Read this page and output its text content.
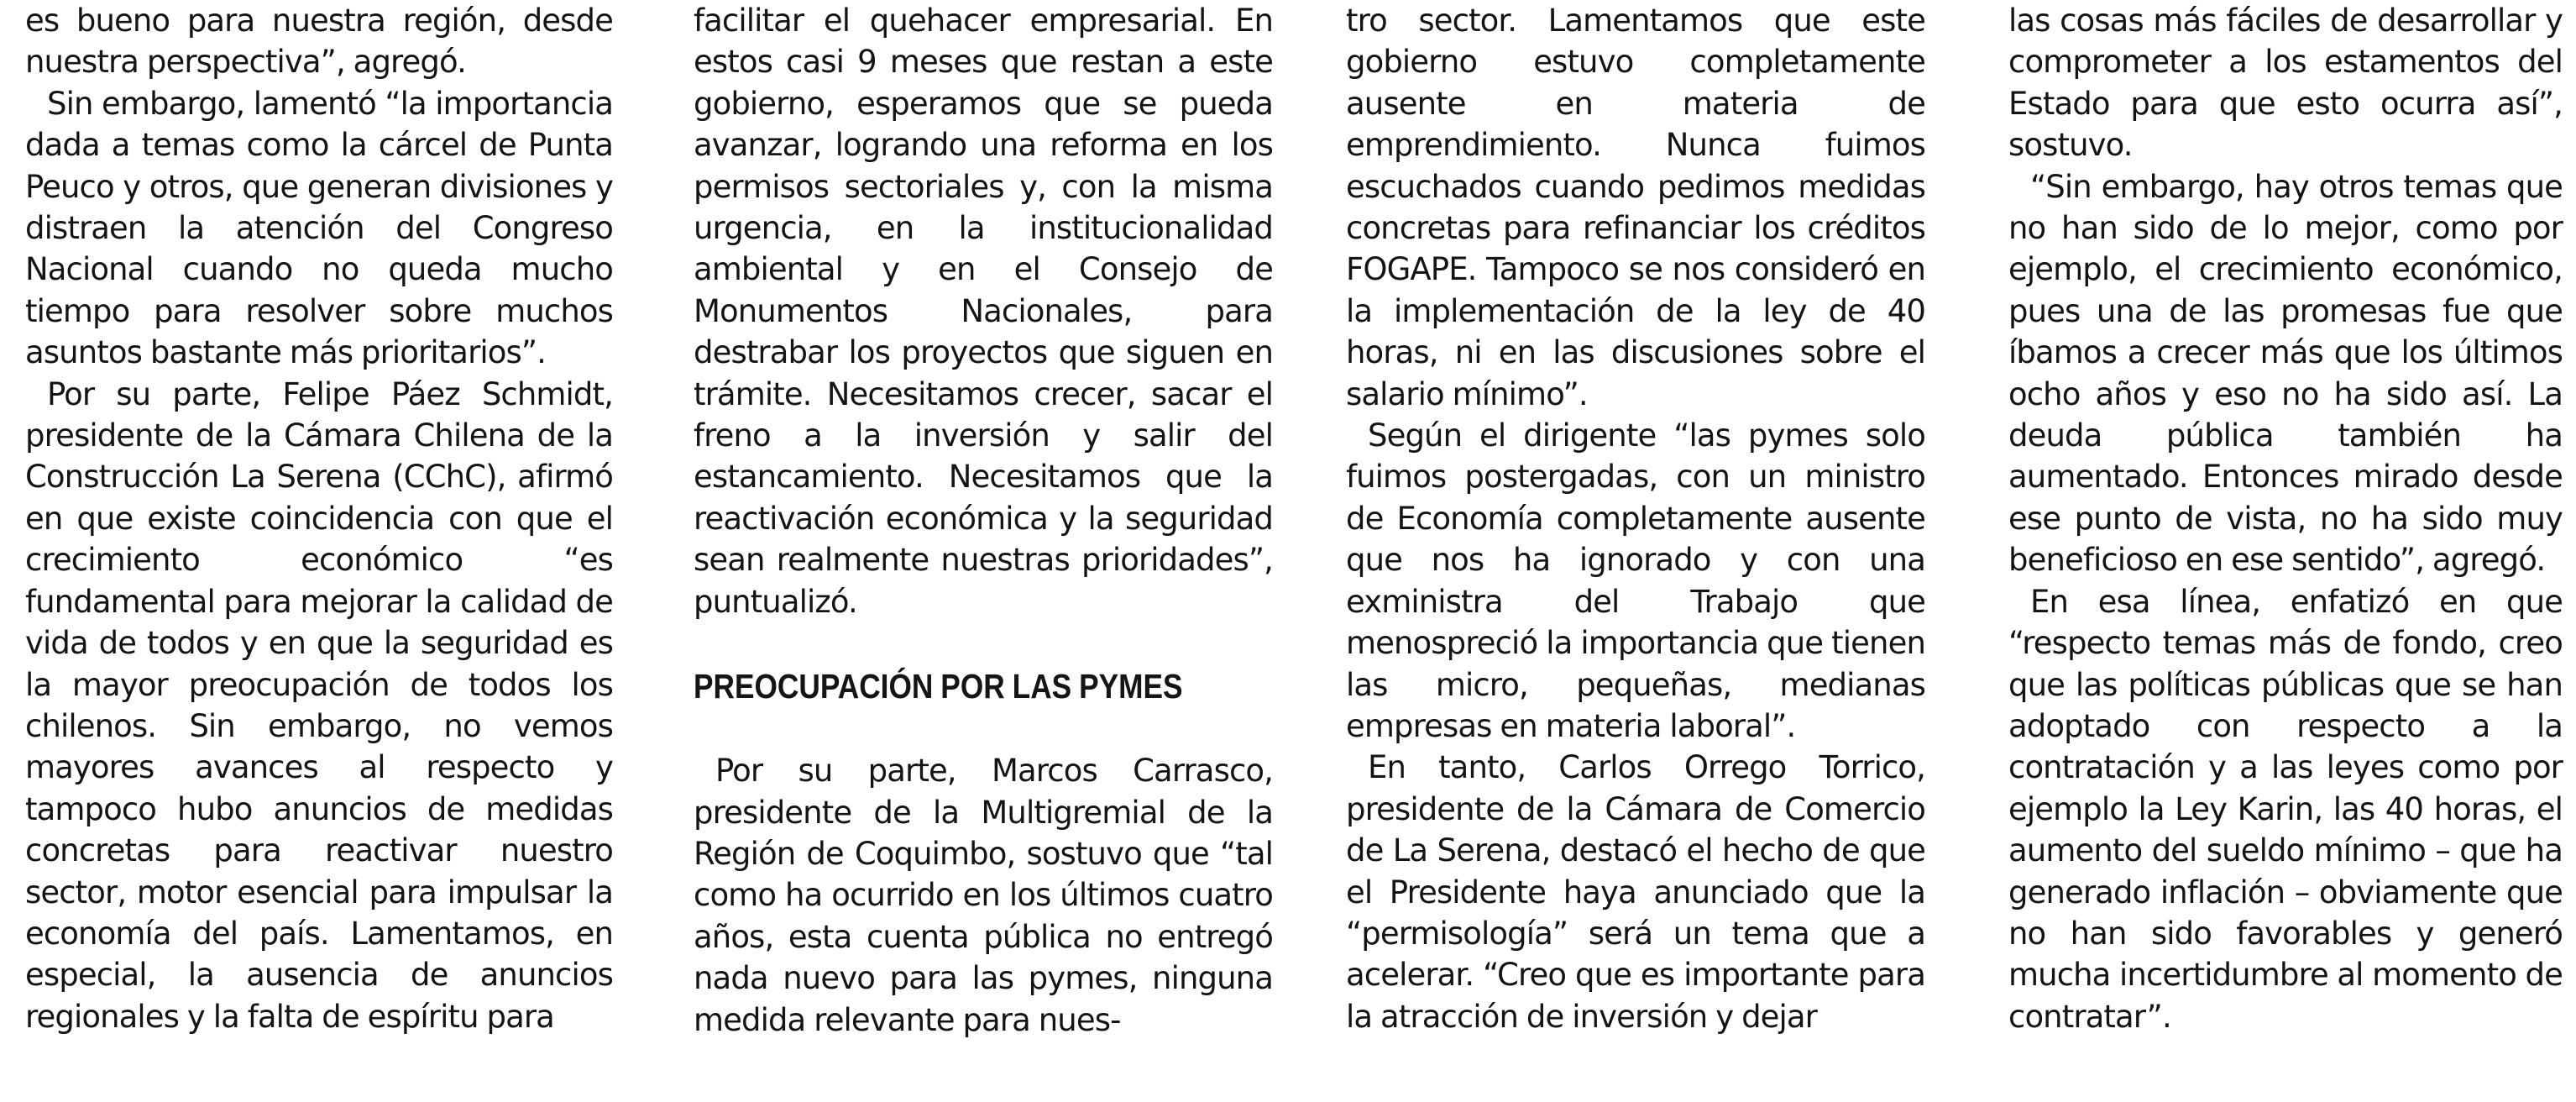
es bueno para nuestra región, desde nuestra perspectiva”, agregó.

Sin embargo, lamentó “la importancia dada a temas como la cárcel de Punta Peuco y otros, que generan divisiones y distraen la atención del Congreso Nacional cuando no queda mucho tiempo para resolver sobre muchos asuntos bastante más prioritarios”.

Por su parte, Felipe Páez Schmidt, presidente de la Cámara Chilena de la Construcción La Serena (CChC), afirmó en que existe coincidencia con que el crecimiento económico “es fundamental para mejorar la calidad de vida de todos y en que la seguridad es la mayor preocupación de todos los chilenos. Sin embargo, no vemos mayores avances al respecto y tampoco hubo anuncios de medidas concretas para reactivar nuestro sector, motor esencial para impulsar la economía del país. Lamentamos, en especial, la ausencia de anuncios regionales y la falta de espíritu para

facilitar el quehacer empresarial. En estos casi 9 meses que restan a este gobierno, esperamos que se pueda avanzar, logrando una reforma en los permisos sectoriales y, con la misma urgencia, en la institucionalidad ambiental y en el Consejo de Monumentos Nacionales, para destrabar los proyectos que siguen en trámite. Necesitamos crecer, sacar el freno a la inversión y salir del estancamiento. Necesitamos que la reactivación económica y la seguridad sean realmente nuestras prioridades”, puntualizó.

PREOCUPACIÓN POR LAS PYMES

Por su parte, Marcos Carrasco, presidente de la Multigremial de la Región de Coquimbo, sostuvo que “tal como ha ocurrido en los últimos cuatro años, esta cuenta pública no entregó nada nuevo para las pymes, ninguna medida relevante para nues-

tro sector. Lamentamos que este gobierno estuvo completamente ausente en materia de emprendimiento. Nunca fuimos escuchados cuando pedimos medidas concretas para refinanciar los créditos FOGAPE. Tampoco se nos consideró en la implementación de la ley de 40 horas, ni en las discusiones sobre el salario mínimo”.

Según el dirigente “las pymes solo fuimos postergadas, con un ministro de Economía completamente ausente que nos ha ignorado y con una exministra del Trabajo que menospreció la importancia que tienen las micro, pequeñas, medianas empresas en materia laboral”.

En tanto, Carlos Orrego Torrico, presidente de la Cámara de Comercio de La Serena, destacó el hecho de que el Presidente haya anunciado que la “permisología” será un tema que a acelerar. “Creo que es importante para la atracción de inversión y dejar

las cosas más fáciles de desarrollar y comprometer a los estamentos del Estado para que esto ocurra así”, sostuvo.

“Sin embargo, hay otros temas que no han sido de lo mejor, como por ejemplo, el crecimiento económico, pues una de las promesas fue que íbamos a crecer más que los últimos ocho años y eso no ha sido así. La deuda pública también ha aumentado. Entonces mirado desde ese punto de vista, no ha sido muy beneficioso en ese sentido”, agregó.

En esa línea, enfatizó en que “respecto temas más de fondo, creo que las políticas públicas que se han adoptado con respecto a la contratación y a las leyes como por ejemplo la Ley Karin, las 40 horas, el aumento del sueldo mínimo – que ha generado inflación – obviamente que no han sido favorables y generó mucha incertidumbre al momento de contratar”.
